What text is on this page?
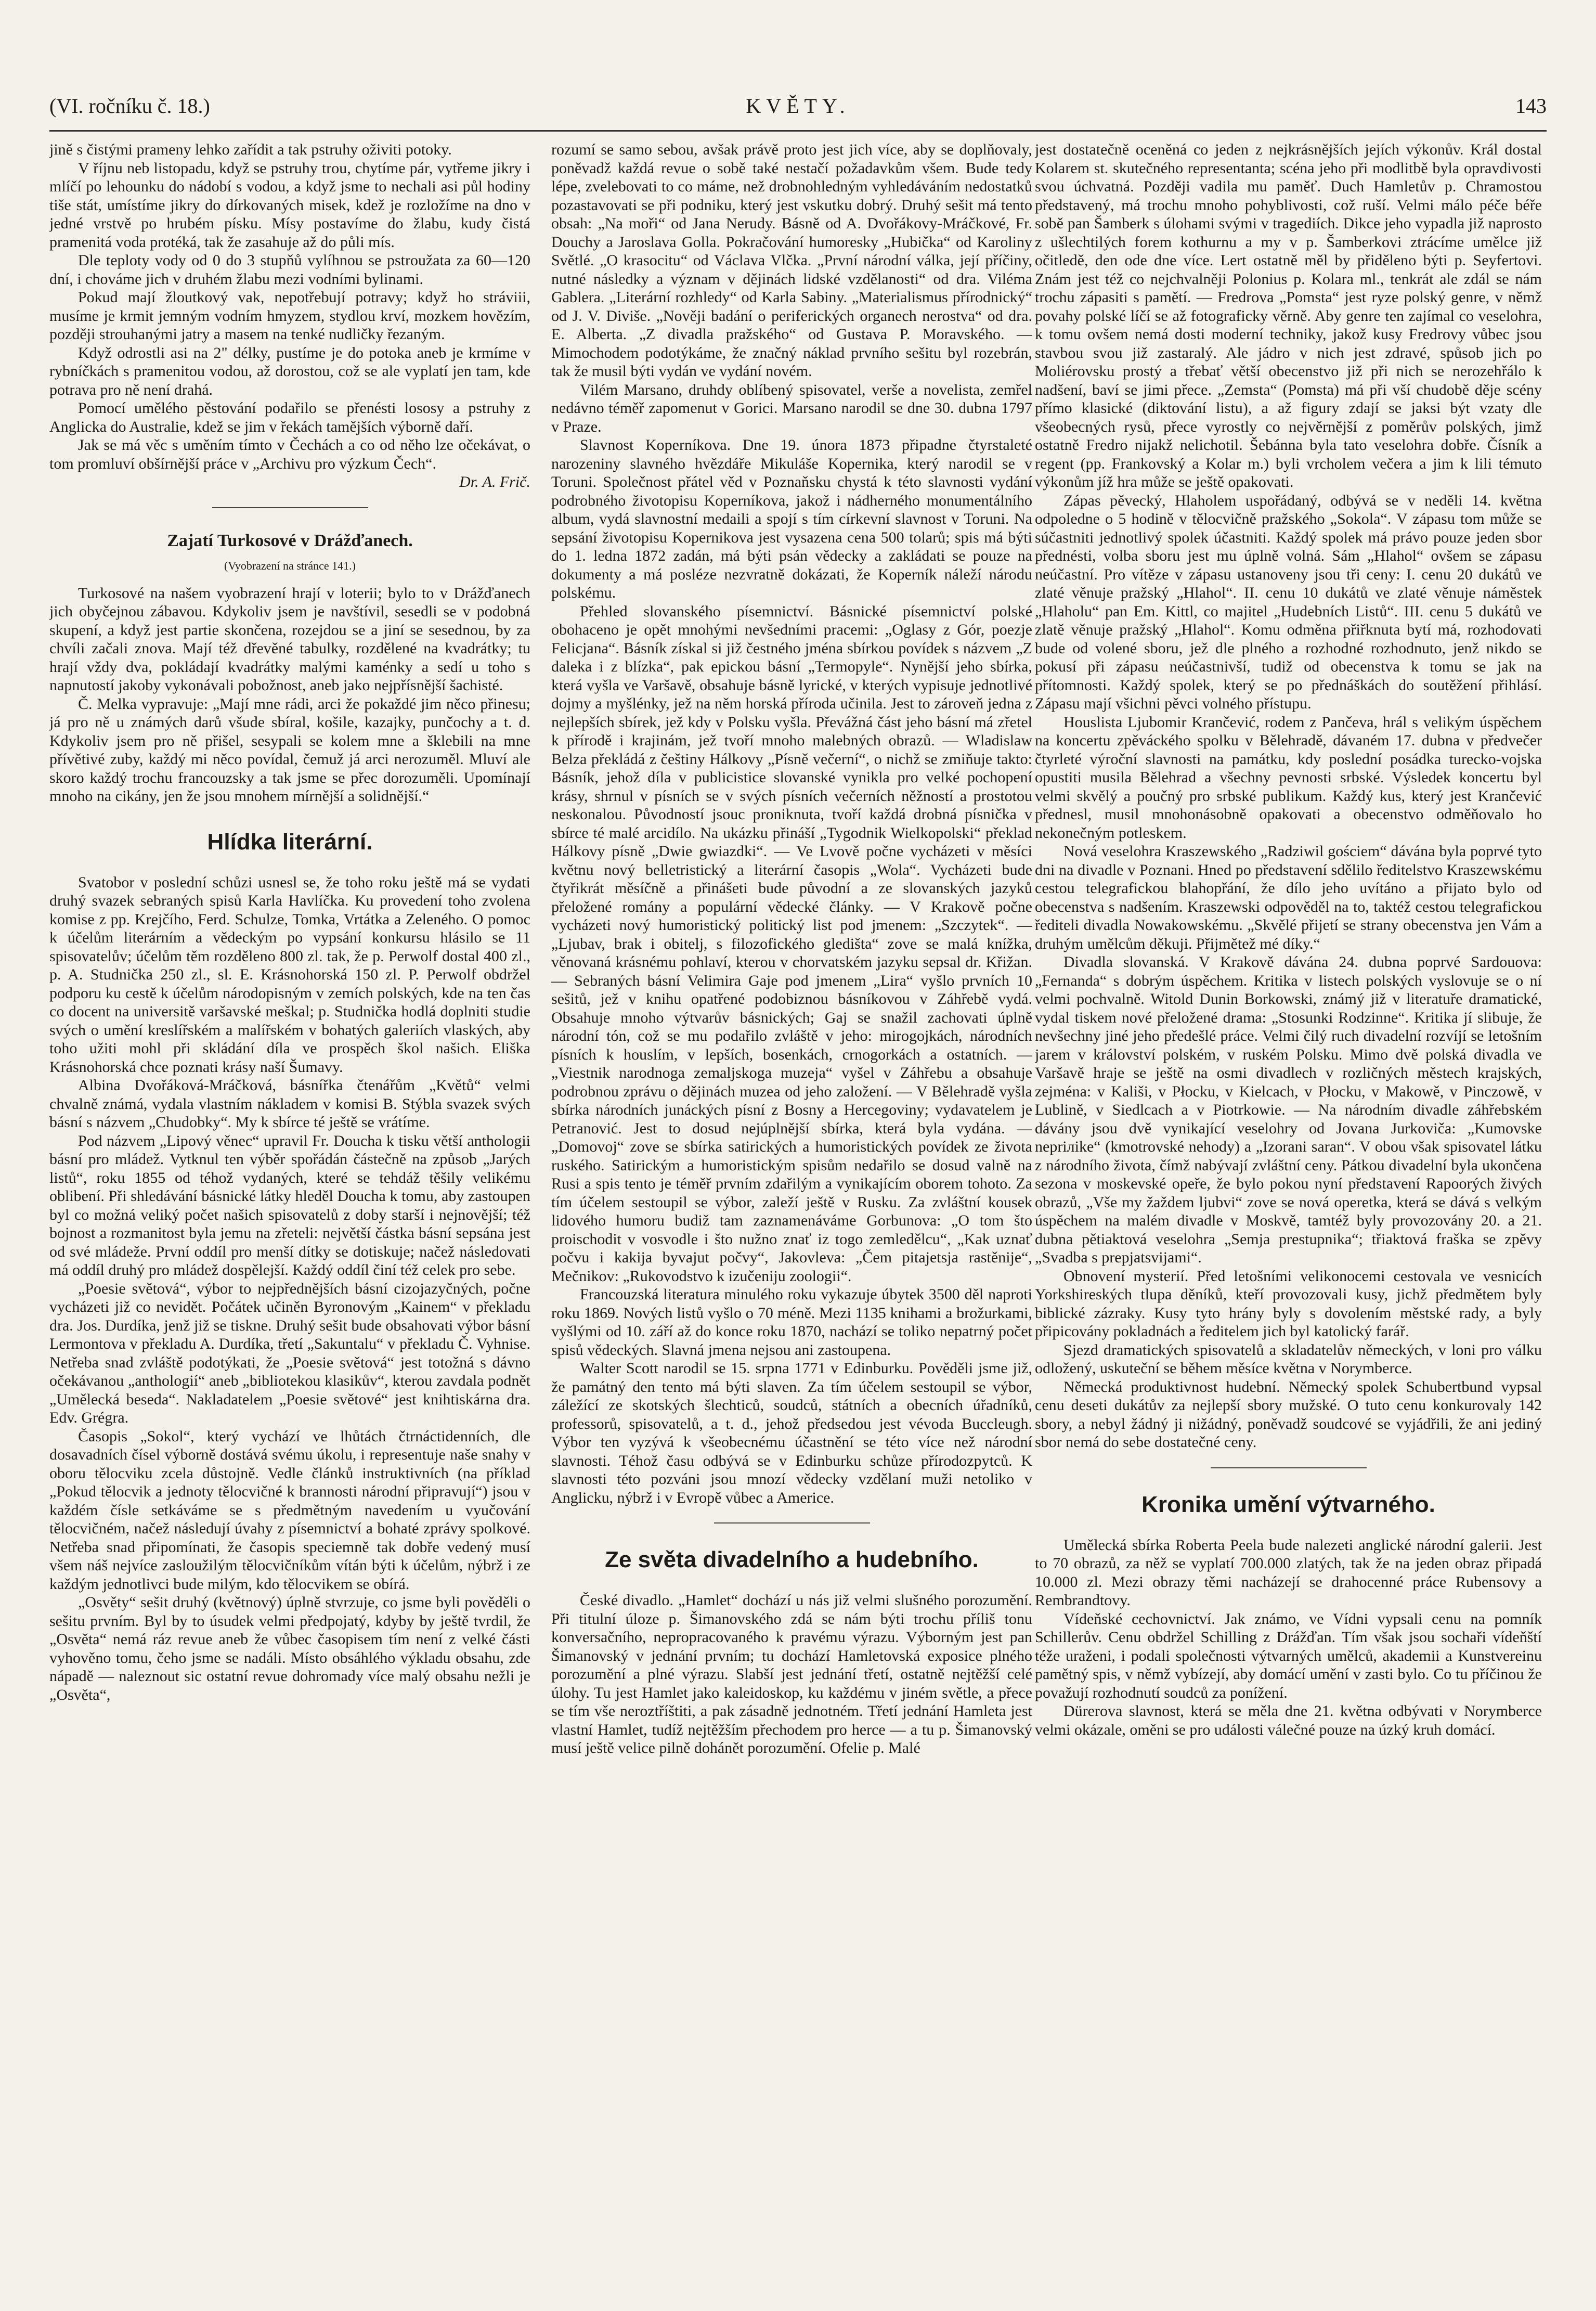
(VI. ročníku č. 18.)	KVĚTY.	143

jině s čistými prameny lehko zařídit a tak pstruhy oživiti potoky.

V říjnu neb listopadu, když se pstruhy trou, chytíme pár, vytřeme jikry i mlíčí po lehounku do nádobí s vodou, a když jsme to nechali asi půl hodiny tiše stát, umístíme jikry do dírkovaných misek, kdež je rozložíme na dno v jedné vrstvě po hrubém písku. Mísy postavíme do žlabu, kudy čistá pramenitá voda protéká, tak že zasahuje až do půli mís.

Dle teploty vody od 0 do 3 stupňů vylíhnou se pstroužata za 60—120 dní, i chováme jich v druhém žlabu mezi vodními bylinami.

Pokud mají žloutkový vak, nepotřebují potravy; když ho stráviii, musíme je krmit jemným vodním hmyzem, stydlou krví, mozkem hovězím, později strouhanými jatry a masem na tenké nudličky řezaným.

Když odrostli asi na 2" délky, pustíme je do potoka aneb je krmíme v rybníčkách s pramenitou vodou, až dorostou, což se ale vyplatí jen tam, kde potrava pro ně není drahá.

Pomocí umělého pěstování podařilo se přenésti lososy a pstruhy z Anglicka do Australie, kdež se jim v řekách tamějších výborně daří.

Jak se má věc s uměním tímto v Čechách a co od něho lze očekávat, o tom promluví obšírnější práce v „Archivu pro výzkum Čech“.

Dr. A. Frič.
Zajatí Turkosové v Drážďanech.
(Vyobrazení na stránce 141.)

Turkosové na našem vyobrazení hrají v loterii; bylo to v Drážďanech jich obyčejnou zábavou. Kdykoliv jsem je navštívil, sesedli se v podobná skupení, a když jest partie skončena, rozejdou se a jiní se sesednou, by za chvíli začali znova. Mají též dřevěné tabulky, rozdělené na kvadrátky; tu hrají vždy dva, pokládají kvadrátky malými kaménky a sedí u toho s napnutostí jakoby vykonávali pobožnost, aneb jako nejpřísnější šachisté.

Č. Melka vypravuje: „Mají mne rádi, arci že pokaždé jim něco přinesu; já pro ně u známých darů všude sbíral, košile, kazajky, punčochy a t. d. Kdykoliv jsem pro ně přišel, sesypali se kolem mne a šklebili na mne přívětivé zuby, každý mi něco povídal, čemuž já arci nerozuměl. Mluví ale skoro každý trochu francouzsky a tak jsme se přec dorozuměli. Upomínají mnoho na cikány, jen že jsou mnohem mírnější a solidnější.“

Hlídka literární.

Svatobor v poslední schůzi usnesl se, že toho roku ještě má se vydati druhý svazek sebraných spisů Karla Havlíčka. Ku provedení toho zvolena komise z pp. Krejčího, Ferd. Schulze, Tomka, Vrtátka a Zeleného. O pomoc k účelům literárním a vědeckým po vypsání konkursu hlásilo se 11 spisovatelův; účelům těm rozděleno 800 zl. tak, že p. Perwolf dostal 400 zl., p. A. Studnička 250 zl., sl. E. Krásnohorská 150 zl. P. Perwolf obdržel podporu ku cestě k účelům národopisným v zemích polských, kde na ten čas co docent na universitě varšavské meškal; p. Studnička hodlá doplniti studie svých o umění kreslířském a malířském v bohatých galeriích vlaských, aby toho užiti mohl při skládání díla ve prospěch škol našich. Eliška Krásnohorská chce poznati krásy naší Šumavy.

Albina Dvořáková-Mráčková, básnířka čtenářům „Květů“ velmi chvalně známá, vydala vlastním nákladem v komisi B. Stýbla svazek svých básní s názvem „Chudobky“. My k sbírce té ještě se vrátíme.

Pod názvem „Lipový věnec“ upravil Fr. Doucha k tisku větší anthologii básní pro mládež. Vytknul ten výběr spořádán částečně na způsob „Jarých listů“, roku 1855 od téhož vydaných, které se tehdáž těšily velikému oblibení. Při shledávání básnické látky hleděl Doucha k tomu, aby zastoupen byl co možná veliký počet našich spisovatelů z doby starší i nejnovější; též bojnost a rozmanitost byla jemu na zřeteli: největší částka básní sepsána jest od své mládeže. První oddíl pro menší dítky se dotiskuje; načež následovati má oddíl druhý pro mládež dospělejší. Každý oddíl činí též celek pro sebe.

„Poesie světová“, výbor to nejpřednějších básní cizojazyčných, počne vycházeti již co nevidět. Počátek učiněn Byronovým „Kainem“ v překladu dra. Jos. Durdíka, jenž již se tiskne. Druhý sešit bude obsahovati výbor básní Lermontova v překladu A. Durdíka, třetí „Sakuntalu“ v překladu Č. Vyhnise. Netřeba snad zvláště podotýkati, že „Poesie světová“ jest totožná s dávno očekávanou „anthologií“ aneb „bibliotekou klasikův“, kterou zavdala podnět „Umělecká beseda“. Nakladatelem „Poesie světové“ jest knihtiskárna dra. Edv. Grégra.

Časopis „Sokol“, který vychází ve lhůtách čtrnáctidenních, dle dosavadních čísel výborně dostává svému úkolu, i representuje naše snahy v oboru tělocviku zcela důstojně. Vedle článků instruktivních (na příklad „Pokud tělocvik a jednoty tělocvičné k brannosti národní připravují“) jsou v každém čísle setkáváme se s předmětným navedením u vyučování tělocvičném, načež následují úvahy z písemnictví a bohaté zprávy spolkové. Netřeba snad připomínati, že časopis speciemně tak dobře vedený musí všem náš nejvíce zasloužilým tělocvičníkům vítán býti k účelům, nýbrž i ze každým jednotlivci bude milým, kdo tělocvikem se obírá.

„Osvěty“ sešit druhý (květnový) úplně stvrzuje, co jsme byli pověděli o sešitu prvním. Byl by to úsudek velmi předpojatý, kdyby by ještě tvrdil, že „Osvěta“ nemá ráz revue aneb že vůbec časopisem tím není z velké části vyhověno tomu, čeho jsme se nadáli. Místo obsáhlého výkladu obsahu, zde nápadě — naleznout sic ostatní revue dohromady více malý obsahu nežli je „Osvěta“,

rozumí se samo sebou, avšak právě proto jest jich více, aby se doplňovaly, poněvadž každá revue o sobě také nestačí požadavkům všem. Bude tedy lépe, zvelebovati to co máme, než drobnohledným vyhledáváním nedostatků pozastavovati se při podniku, který jest vskutku dobrý. Druhý sešit má tento obsah: „Na moři“ od Jana Nerudy. Básně od A. Dvořákovy-Mráčkové, Fr. Douchy a Jaroslava Golla. Pokračování humoresky „Hubička“ od Karoliny Světlé. „O krasocitu“ od Václava Vlčka. „První národní válka, její příčiny, nutné následky a význam v dějinách lidské vzdělanosti“ od dra. Viléma Gablera. „Literární rozhledy“ od Karla Sabiny. „Materialismus přírodnický“ od J. V. Diviše. „Nověji badání o periferických organech nerostva“ od dra. E. Alberta. „Z divadla pražského“ od Gustava P. Moravského. — Mimochodem podotýkáme, že značný náklad prvního sešitu byl rozebrán, tak že musil býti vydán ve vydání novém.

Vilém Marsano, druhdy oblíbený spisovatel, verše a novelista, zemřel nedávno téměř zapomenut v Gorici. Marsano narodil se dne 30. dubna 1797 v Praze.

Slavnost Koperníkova. Dne 19. února 1873 připadne čtyrstaleté narozeniny slavného hvězdáře Mikuláše Kopernika, který narodil se v Toruni. Společnost přátel věd v Poznaňsku chystá k této slavnosti vydání podrobného životopisu Koperníkova, jakož i nádherného monumentálního album, vydá slavnostní medaili a spojí s tím církevní slavnost v Toruni. Na sepsání životopisu Kopernikova jest vysazena cena 500 tolarů; spis má býti do 1. ledna 1872 zadán, má býti psán vědecky a zakládati se pouze na dokumenty a má posléze nezvratně dokázati, že Koperník náleží národu polskému.

Přehled slovanského písemnictví. Básnické písemnictví polské obohaceno je opět mnohými nevšedními pracemi: „Oglasy z Gór, poezje Felicjana“. Básník získal si již čestného jména sbírkou povídek s názvem „Z daleka i z blízka“, pak epickou básní „Termopyle“. Nynější jeho sbírka, která vyšla ve Varšavě, obsahuje básně lyrické, v kterých vypisuje jednotlivé dojmy a myšlénky, jež na něm horská příroda učinila. Jest to zároveň jedna z nejlepších sbírek, jež kdy v Polsku vyšla. Převážná část jeho básní má zřetel k přírodě i krajinám, jež tvoří mnoho malebných obrazů. — Wladislaw Belza překládá z češtiny Hálkovy „Písně večerní“, o nichž se zmiňuje takto: Básník, jehož díla v publicistice slovanské vynikla pro velké pochopení krásy, shrnul v písních se v svých písních večerních něžností a prostotou neskonalou. Původností jsouc proniknuta, tvoří každá drobná písnička v sbírce té malé arcidílo. Na ukázku přináší „Tygodnik Wielkopolski“ překlad Hálkovy písně „Dwie gwiazdki“. — Ve Lvově počne vycházeti v měsíci květnu nový belletristický a literární časopis „Wola“. Vycházeti bude čtyřikrát měsíčně a přinášeti bude původní a ze slovanských jazyků přeložené romány a populární vědecké články. — V Krakově počne vycházeti nový humoristický politický list pod jmenem: „Szczytek“. — „Ljubav, brak i obitelj, s filozofického gledišta“ zove se malá knížka, věnovaná krásnému pohlaví, kterou v chorvatském jazyku sepsal dr. Křižan. — Sebraných básní Velimira Gaje pod jmenem „Lira“ vyšlo prvních 10 sešitů, jež v knihu opatřené podobiznou básníkovou v Záhřebě vydá. Obsahuje mnoho výtvarův básnických; Gaj se snažil zachovati úplně národní tón, což se mu podařilo zvláště v jeho: mirogojkách, národních písních k houslím, v lepších, bosenkách, crnogorkách a ostatních. — „Viestnik narodnoga zemaljskoga muzeja“ vyšel v Záhřebu a obsahuje podrobnou zprávu o dějinách muzea od jeho založení. — V Bělehradě vyšla sbírka národních junáckých písní z Bosny a Hercegoviny; vydavatelem je Petranović. Jest to dosud nejúplnější sbírka, která byla vydána. — „Domovoj“ zove se sbírka satirických a humoristických povídek ze života ruského. Satirickým a humoristickým spisům nedařilo se dosud valně na Rusi a spis tento je téměř prvním zdařilým a vynikajícím oborem tohoto. Za tím účelem sestoupil se výbor, zaleží ještě v Rusku. Za zvláštní kousek lidového humoru budiž tam zaznamenáváme Gorbunova: „O tom što proischodit v vosvodle i što nužno znať iz togo zemledělcu“, „Kak uznať počvu i kakija byvajut počvy“, Jakovleva: „Čem pitajetsja rastěnije“, Mečnikov: „Rukovodstvo k izučeniju zoologii“.

Francouzská literatura minulého roku vykazuje úbytek 3500 děl naproti roku 1869. Nových listů vyšlo o 70 méně. Mezi 1135 knihami a brožurkami, vyšlými od 10. září až do konce roku 1870, nachází se toliko nepatrný počet spisů vědeckých. Slavná jmena nejsou ani zastoupena.

Walter Scott narodil se 15. srpna 1771 v Edinburku. Pověděli jsme již, že památný den tento má býti slaven. Za tím účelem sestoupil se výbor, záležící ze skotských šlechticů, soudců, státních a obecních úřadníků, professorů, spisovatelů, a t. d., jehož předsedou jest vévoda Buccleugh. Výbor ten vyzývá k všeobecnému účastnění se této více než národní slavnosti. Téhož času odbývá se v Edinburku schůze přírodozpytců. K slavnosti této pozváni jsou mnozí vědecky vzdělaní muži netoliko v Anglicku, nýbrž i v Evropě vůbec a Americe.

Ze světa divadelního a hudebního.

České divadlo. „Hamlet“ dochází u nás již velmi slušného porozumění. Při titulní úloze p. Šimanovského zdá se nám býti trochu příliš tonu konversačního, nepropracovaného k pravému výrazu. Výborným jest pan Šimanovský v jednání prvním; tu dochází Hamletovská exposice plného porozumění a plné výrazu. Slabší jest jednání třetí, ostatně nejtěžší celé úlohy. Tu jest Hamlet jako kaleidoskop, ku každému v jiném světle, a přece se tím vše neroztříštiti, a pak zásadně jednotném. Třetí jednání Hamleta jest vlastní Hamlet, tudíž nejtěžším přechodem pro herce — a tu p. Šimanovský musí ještě velice pilně dohánět porozumění. Ofelie p. Malé

jest dostatečně oceněná co jeden z nejkrásnějších jejích výkonův. Král dostal Kolarem st. skutečného representanta; scéna jeho při modlitbě byla opravdivosti svou úchvatná. Později vadila mu paměť. Duch Hamletův p. Chramostou představený, má trochu mnoho pohyblivosti, což ruší. Velmi málo péče béře sobě pan Šamberk s úlohami svými v tragediích. Dikce jeho vypadla již naprosto z ušlechtilých forem kothurnu a my v p. Šamberkovi ztrácíme umělce již očitledě, den ode dne více. Lert ostatně měl by přiděleno býti p. Seyfertovi. Znám jest též co nejchvalněji Polonius p. Kolara ml., tenkrát ale zdál se nám trochu zápasiti s pamětí. — Fredrova „Pomsta“ jest ryze polský genre, v němž povahy polské líčí se až fotograficky věrně. Aby genre ten zajímal co veselohra, k tomu ovšem nemá dosti moderní techniky, jakož kusy Fredrovy vůbec jsou stavbou svou již zastaralý. Ale jádro v nich jest zdravé, spůsob jich po Moliérovsku prostý a třebať větší obecenstvo již při nich se nerozehřálo k nadšení, baví se jimi přece. „Zemsta“ (Pomsta) má při vší chudobě děje scény přímo klasické (diktování listu), a až figury zdají se jaksi být vzaty dle všeobecných rysů, přece vyrostly co nejvěrnější z poměrův polských, jimž ostatně Fredro nijakž nelichotil. Šebánna byla tato veselohra dobře. Čísník a regent (pp. Frankovský a Kolar m.) byli vrcholem večera a jim k lili témuto výkonům jíž hra může se ještě opakovati.

Zápas pěvecký, Hlaholem uspořádaný, odbývá se v neděli 14. května odpoledne o 5 hodině v tělocvičně pražského „Sokola“. V zápasu tom může se súčastniti jednotlivý spolek účastniti. Každý spolek má právo pouze jeden sbor přednésti, volba sboru jest mu úplně volná. Sám „Hlahol“ ovšem se zápasu neúčastní. Pro vítěze v zápasu ustanoveny jsou tři ceny: I. cenu 20 dukátů ve zlaté věnuje pražský „Hlahol“. II. cenu 10 dukátů ve zlaté věnuje náměstek „Hlaholu“ pan Em. Kittl, co majitel „Hudebních Listů“. III. cenu 5 dukátů ve zlatě věnuje pražský „Hlahol“. Komu odměna přiřknuta bytí má, rozhodovati bude od volené sboru, jež dle plného a rozhodné rozhodnuto, jenž nikdo se pokusí při zápasu neúčastnivší, tudiž od obecenstva k tomu se jak na přítomnosti. Každý spolek, který se po přednáškách do soutěžení přihlásí. Zápasu mají všichni pěvci volného přístupu.

Houslista Ljubomir Krančević, rodem z Pančeva, hrál s velikým úspěchem na koncertu zpěváckého spolku v Bělehradě, dávaném 17. dubna v předvečer čtyrleté výroční slavnosti na památku, kdy poslední posádka turecko-vojska opustiti musila Bělehrad a všechny pevnosti srbské. Výsledek koncertu byl velmi skvělý a poučný pro srbské publikum. Každý kus, který jest Krančević přednesl, musil mnohonásobně opakovati a obecenstvo odměňovalo ho nekonečným potleskem.

Nová veselohra Kraszewského „Radziwil gościem“ dávána byla poprvé tyto dni na divadle v Poznani. Hned po představení sdělilo ředitelstvo Kraszewskému cestou telegrafickou blahopřání, že dílo jeho uvítáno a přijato bylo od obecenstva s nadšením. Kraszewski odpověděl na to, taktéž cestou telegrafickou řediteli divadla Nowakowskému. „Skvělé přijetí se strany obecenstva jen Vám a druhým umělcům děkuji. Přijmětež mé díky.“

Divadla slovanská. V Krakově dávána 24. dubna poprvé Sardouova: „Fernanda“ s dobrým úspěchem. Kritika v listech polských vyslovuje se o ní velmi pochvalně. Witold Dunin Borkowski, známý již v literatuře dramatické, vydal tiskem nové přeložené drama: „Stosunki Rodzinne“. Kritika jí slibuje, že nevšechny jiné jeho předešlé práce. Velmi čilý ruch divadelní rozvíjí se letošním jarem v království polském, v ruském Polsku. Mimo dvě polská divadla ve Varšavě hraje se ještě na osmi divadlech v rozličných městech krajských, zejména: v Kališi, v Płocku, v Kielcach, v Płocku, v Makowě, v Pinczowě, v Lublině, v Siedlcach a v Piotrkowie. — Na národním divadle záhřebském dávány jsou dvě vynikající veselohry od Jovana Jurkoviča: „Kumovske nepriлike“ (kmotrovské nehody) a „Izorani saran“. V obou však spisovatel látku z národního života, čímž nabývají zvláštní ceny. Pátkou divadelní byla ukončena sezona v moskevské opeře, že bylo pokou nyní představení Rapoorých živých obrazů, „Vše my žaždem ljubvi“ zove se nová operetka, která se dává s velkým úspěchem na malém divadle v Moskvě, tamtéž byly provozovány 20. a 21. dubna pětiaktová veselohra „Semja prestupnika“; třiaktová fraška se zpěvy „Svadba s prepjatsvijami“.

Obnovení mysterií. Před letošními velikonocemi cestovala ve vesnicích Yorkshireských tlupa děníků, kteří provozovali kusy, jichž předmětem byly biblické zázraky. Kusy tyto hrány byly s dovolením městské rady, a byly připiсovány pokladnách a ředitelem jich byl katolický farář.

Sjezd dramatických spisovatelů a skladatelův německých, v loni pro válku odložený, uskuteční se během měsíce května v Norymberce.

Německá produktivnost hudební. Německý spolek Schubertbund vypsal cenu deseti dukátův za nejlepší sbory mužské. O tuto cenu konkurovaly 142 sbory, a nebyl žádný ji nižádný, poněvadž soudcové se vyjádřili, že ani jediný sbor nemá do sebe dostatečné ceny.

Kronika umění výtvarného.

Umělecká sbírka Roberta Peela bude nalezeti anglické národní galerii. Jest to 70 obrazů, za něž se vyplatí 700.000 zlatých, tak že na jeden obraz připadá 10.000 zl. Mezi obrazy těmi nacházejí se drahocenné práce Rubensovy a Rembrandtovy.

Vídeňské cechovnictví. Jak známo, ve Vídni vypsali cenu na pomník Schillerův. Cenu obdržel Schilling z Drážďan. Tím však jsou sochaři vídeňští téže uraženi, i podali společnosti výtvarných umělců, akademii a Kunstvereinu pamětný spis, v němž vybízejí, aby domácí umění v zasti bylo. Co tu příčinou že považují rozhodnutí soudců za ponížení.

Dürerova slavnost, která se měla dne 21. května odbývati v Norymberce velmi okázale, oměni se pro události válečné pouze na úzký kruh domácí.
